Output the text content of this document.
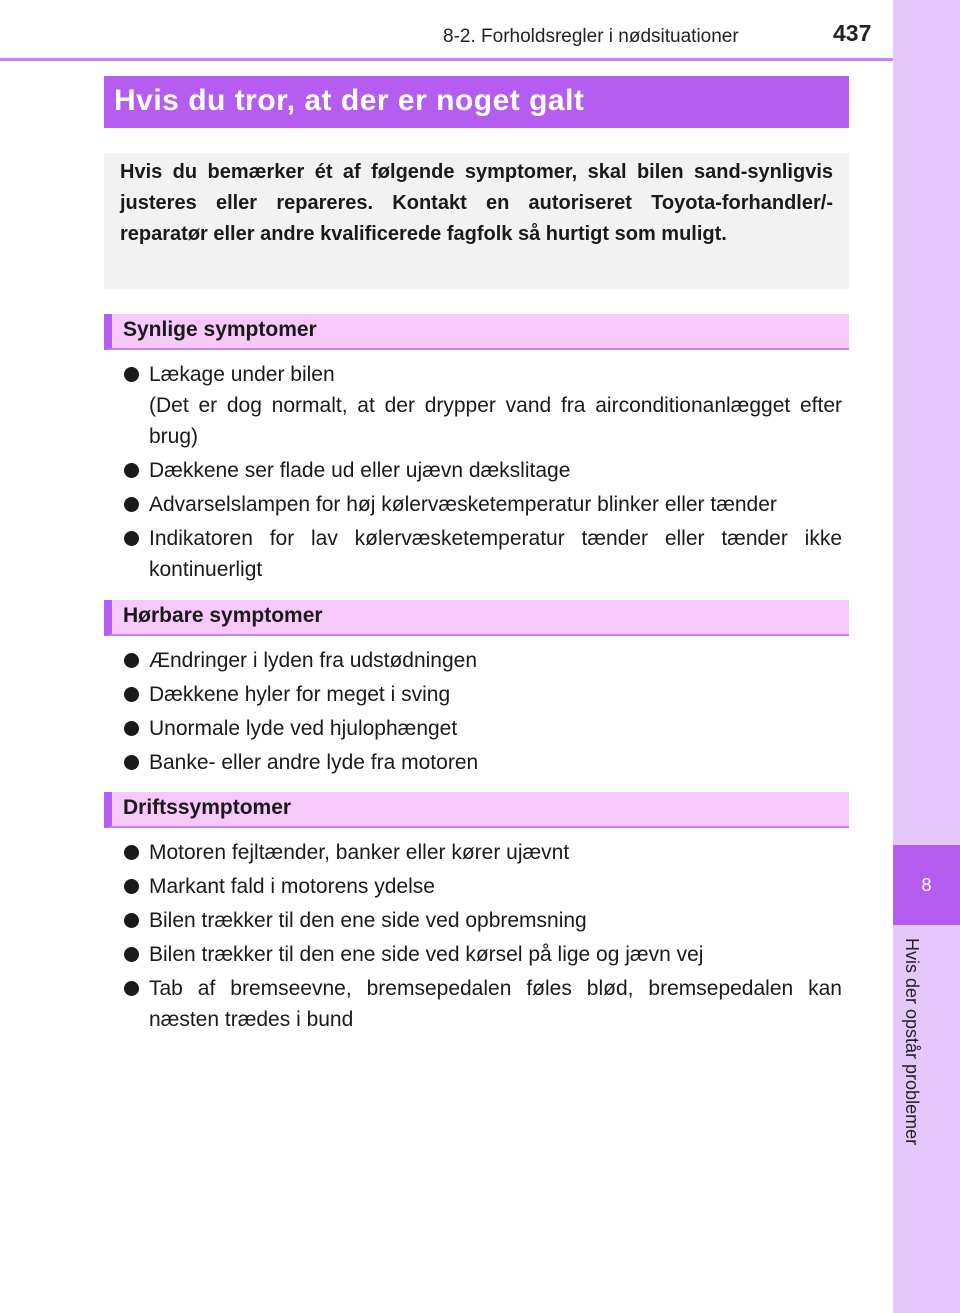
8-2. Forholdsregler i nødsituationer	437
8
Hvis der opstår problemer
Hvis du tror, at der er noget galt
Hvis du bemærker ét af følgende symptomer, skal bilen sand-synligvis justeres eller repareres. Kontakt en autoriseret Toyota-forhandler/-reparatør eller andre kvalificerede fagfolk så hurtigt som muligt.
Synlige symptomer
Lækage under bilen
(Det er dog normalt, at der drypper vand fra airconditionanlægget efter brug)
Dækkene ser flade ud eller ujævn dækslitage
Advarselslampen for høj kølervæsketemperatur blinker eller tænder
Indikatoren for lav kølervæsketemperatur tænder eller tænder ikke kontinuerligt
Hørbare symptomer
Ændringer i lyden fra udstødningen
Dækkene hyler for meget i sving
Unormale lyde ved hjulophænget
Banke- eller andre lyde fra motoren
Driftssymptomer
Motoren fejltænder, banker eller kører ujævnt
Markant fald i motorens ydelse
Bilen trækker til den ene side ved opbremsning
Bilen trækker til den ene side ved kørsel på lige og jævn vej
Tab af bremseevne, bremsepedalen føles blød, bremsepedalen kan næsten trædes i bund
